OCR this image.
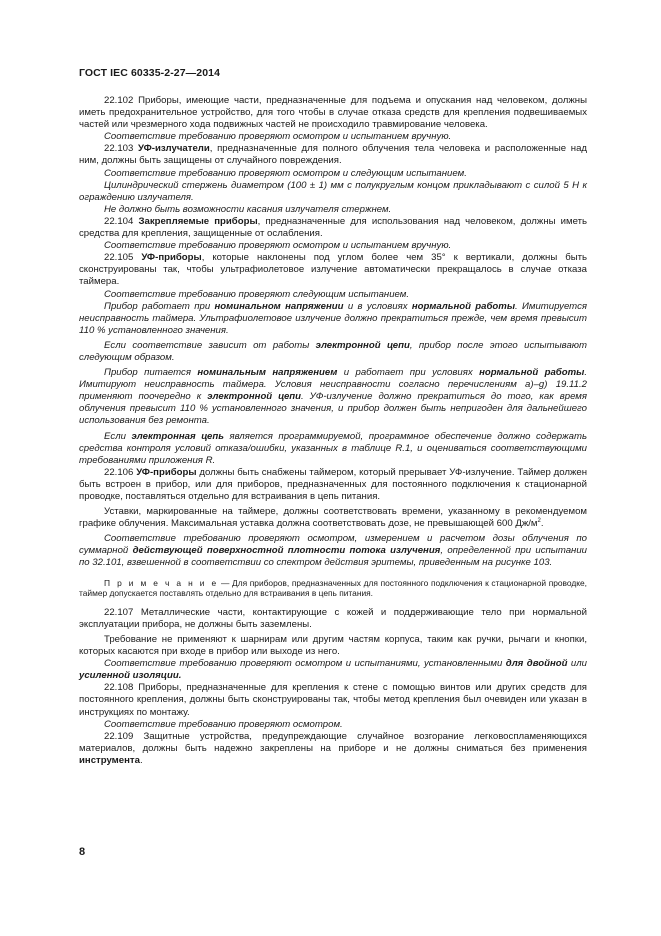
ГОСТ IEC 60335-2-27—2014

22.102 Приборы, имеющие части, предназначенные для подъема и опускания над человеком, должны иметь предохранительное устройство, для того чтобы в случае отказа средств для крепления подвешиваемых частей или чрезмерного хода подвижных частей не происходило травмирование человека.

Соответствие требованию проверяют осмотром и испытанием вручную.

22.103 УФ-излучатели, предназначенные для полного облучения тела человека и расположенные над ним, должны быть защищены от случайного повреждения.

Соответствие требованию проверяют осмотром и следующим испытанием.

Цилиндрический стержень диаметром (100 ± 1) мм с полукруглым концом прикладывают с силой 5 Н к ограждению излучателя.

Не должно быть возможности касания излучателя стержнем.

22.104 Закрепляемые приборы, предназначенные для использования над человеком, должны иметь средства для крепления, защищенные от ослабления.

Соответствие требованию проверяют осмотром и испытанием вручную.

22.105 УФ-приборы, которые наклонены под углом более чем 35° к вертикали, должны быть сконструированы так, чтобы ультрафиолетовое излучение автоматически прекращалось в случае отказа таймера.

Соответствие требованию проверяют следующим испытанием.

Прибор работает при номинальном напряжении и в условиях нормальной работы. Имитируется неисправность таймера. Ультрафиолетовое излучение должно прекратиться прежде, чем время превысит 110 % установленного значения.

Если соответствие зависит от работы электронной цепи, прибор после этого испытывают следующим образом.

Прибор питается номинальным напряжением и работает при условиях нормальной работы. Имитируют неисправность таймера. Условия неисправности согласно перечислениям а)–g) 19.11.2 применяют поочередно к электронной цепи. УФ-излучение должно прекратиться до того, как время облучения превысит 110 % установленного значения, и прибор должен быть непригоден для дальнейшего использования без ремонта.

Если электронная цепь является программируемой, программное обеспечение должно содержать средства контроля условий отказа/ошибки, указанных в таблице R.1, и оцениваться соответствующими требованиями приложения R.

22.106 УФ-приборы должны быть снабжены таймером, который прерывает УФ-излучение. Таймер должен быть встроен в прибор, или для приборов, предназначенных для постоянного подключения к стационарной проводке, поставляться отдельно для встраивания в цепь питания.

Уставки, маркированные на таймере, должны соответствовать времени, указанному в рекомендуемом графике облучения. Максимальная уставка должна соответствовать дозе, не превышающей 600 $Дж/м^2$.

Соответствие требованию проверяют осмотром, измерением и расчетом дозы облучения по суммарной действующей поверхностной плотности потока излучения, определенной при испытании по 32.101, взвешенной в соответствии со спектром действия эритемы, приведенным на рисунке 103.

П р и м е ч а н и е — Для приборов, предназначенных для постоянного подключения к стационарной проводке, таймер допускается поставлять отдельно для встраивания в цепь питания.

22.107 Металлические части, контактирующие с кожей и поддерживающие тело при нормальной эксплуатации прибора, не должны быть заземлены.

Требование не применяют к шарнирам или другим частям корпуса, таким как ручки, рычаги и кнопки, которых касаются при входе в прибор или выходе из него.

Соответствие требованию проверяют осмотром и испытаниями, установленными для двойной или усиленной изоляции.

22.108 Приборы, предназначенные для крепления к стене с помощью винтов или других средств для постоянного крепления, должны быть сконструированы так, чтобы метод крепления был очевиден или указан в инструкциях по монтажу.

Соответствие требованию проверяют осмотром.

22.109 Защитные устройства, предупреждающие случайное возгорание легковоспламеняющихся материалов, должны быть надежно закреплены на приборе и не должны сниматься без применения инструмента.

8
